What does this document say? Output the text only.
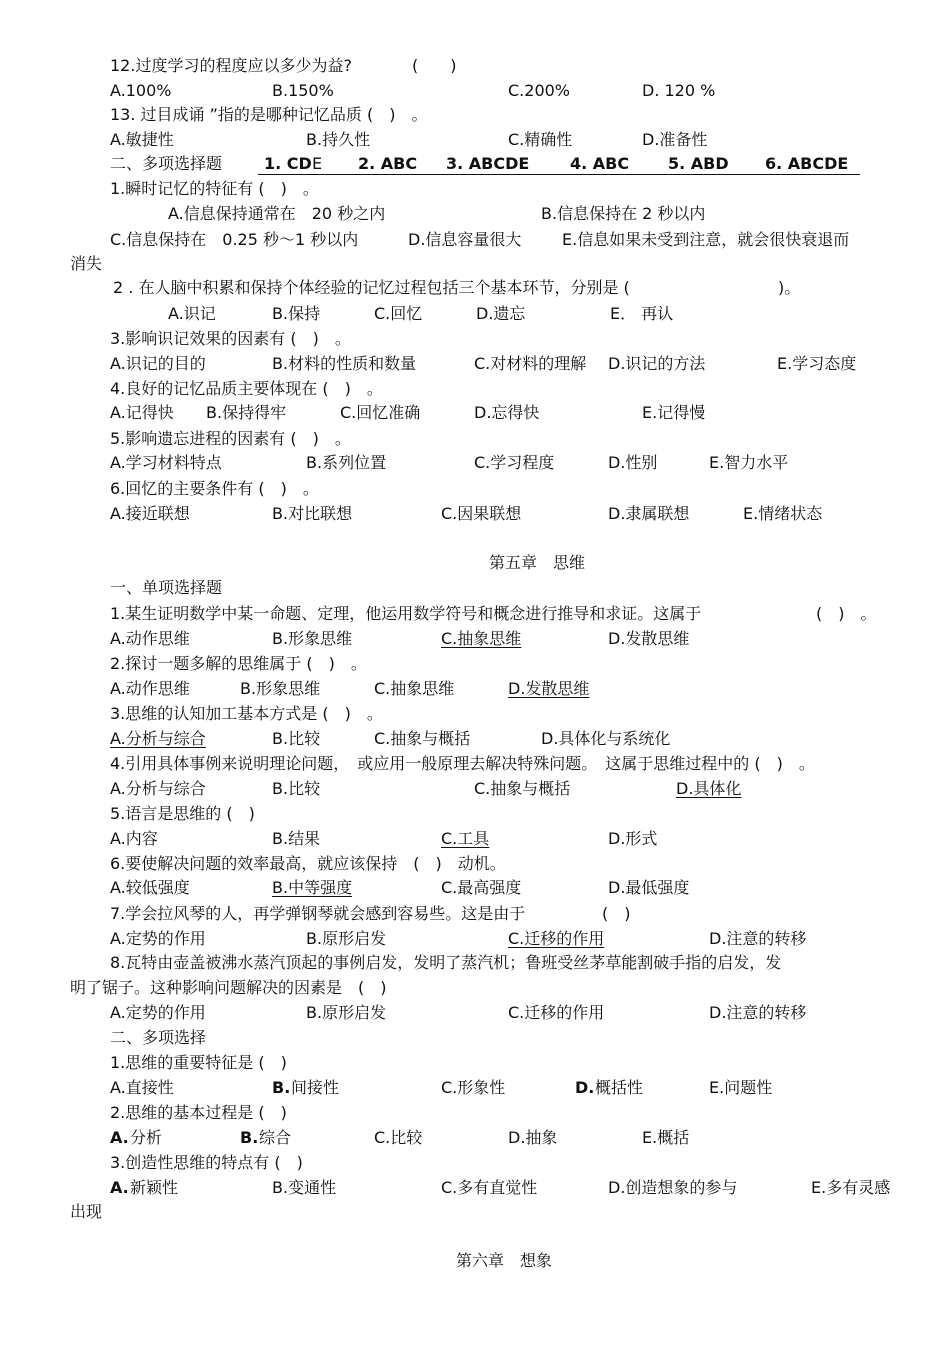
12.过度学习的程度应以多少为益?	(　　)
A.100%	B.150%	C.200%	D. 120 %
13. 过目成诵 ”指的是哪种记忆品质 (　)　。
A.敏捷性	B.持久性	C.精确性	D.准备性
二、多项选择题	1. CD E 2. ABC 3. ABCDE	4. ABC 5. ABD 6. ABCDE
1.瞬时记忆的特征有 (　)　。
A.信息保持通常在　20 秒之内	B.信息保持在 2 秒以内
C.信息保持在　0.25 秒～1 秒以内	D.信息容量很大	E.信息如果未受到注意，就会很快衰退而
消失
2 . 在人脑中积累和保持个体经验的记忆过程包括三个基本环节，分别是 (	)。
A.识记	B.保持	C.回忆	D.遗忘	E． 再认
3.影响识记效果的因素有 (　)　。
A.识记的目的	B.材料的性质和数量	C.对材料的理解 D.识记的方法	E.学习态度
4.良好的记忆品质主要体现在 (　)　。
A.记得快 B.保持得牢	C.回忆准确	D.忘得快	E.记得慢
5.影响遗忘进程的因素有 (　)　。
A.学习材料特点	B.系列位置	C.学习程度	D.性别	E.智力水平
6.回忆的主要条件有 (　)　。
A.接近联想	B.对比联想	C.因果联想	D.隶属联想	E.情绪状态
第五章　思维
一、单项选择题
1.某生证明数学中某一命题、定理，他运用数学符号和概念进行推导和求证。这属于	(　)　。
A.动作思维	B.形象思维	C.抽象思维	D.发散思维
2.探讨一题多解的思维属于 (　)　。
A.动作思维	B.形象思维	C.抽象思维	D.发散思维
3.思维的认知加工基本方式是 (　)　。
A.分析与综合	B.比较	C.抽象与概括	D.具体化与系统化
4.引用具体事例来说明理论问题，　或应用一般原理去解决特殊问题。　这属于思维过程中的 (　)　。
A.分析与综合	B.比较	C.抽象与概括	D.具体化
5.语言是思维的 (　)
A.内容	B.结果	C.工具	D.形式
6.要使解决问题的效率最高，就应该保持　(　)　动机。
A.较低强度	B.中等强度	C.最高强度	D.最低强度
7.学会拉风琴的人，再学弹钢琴就会感到容易些。这是由于	(　)
A.定势的作用	B.原形启发	C.迁移的作用	D.注意的转移
8.瓦特由壶盖被沸水蒸汽顶起的事例启发，发明了蒸汽机；鲁班受丝茅草能割破手指的启发，发
明了锯子。这种影响问题解决的因素是　(　)
A.定势的作用	B.原形启发	C.迁移的作用	D.注意的转移
二、多项选择
1.思维的重要特征是 (　)
A.直接性	B. 间接性	C.形象性	D. 概括性	E.问题性
2.思维的基本过程是 (　)
A. 分析	B. 综合	C.比较	D.抽象	E.概括
3.创造性思维的特点有 (　)
A. 新颖性	B.变通性	C.多有直觉性	D.创造想象的参与	E.多有灵感
出现
第六章　想象
